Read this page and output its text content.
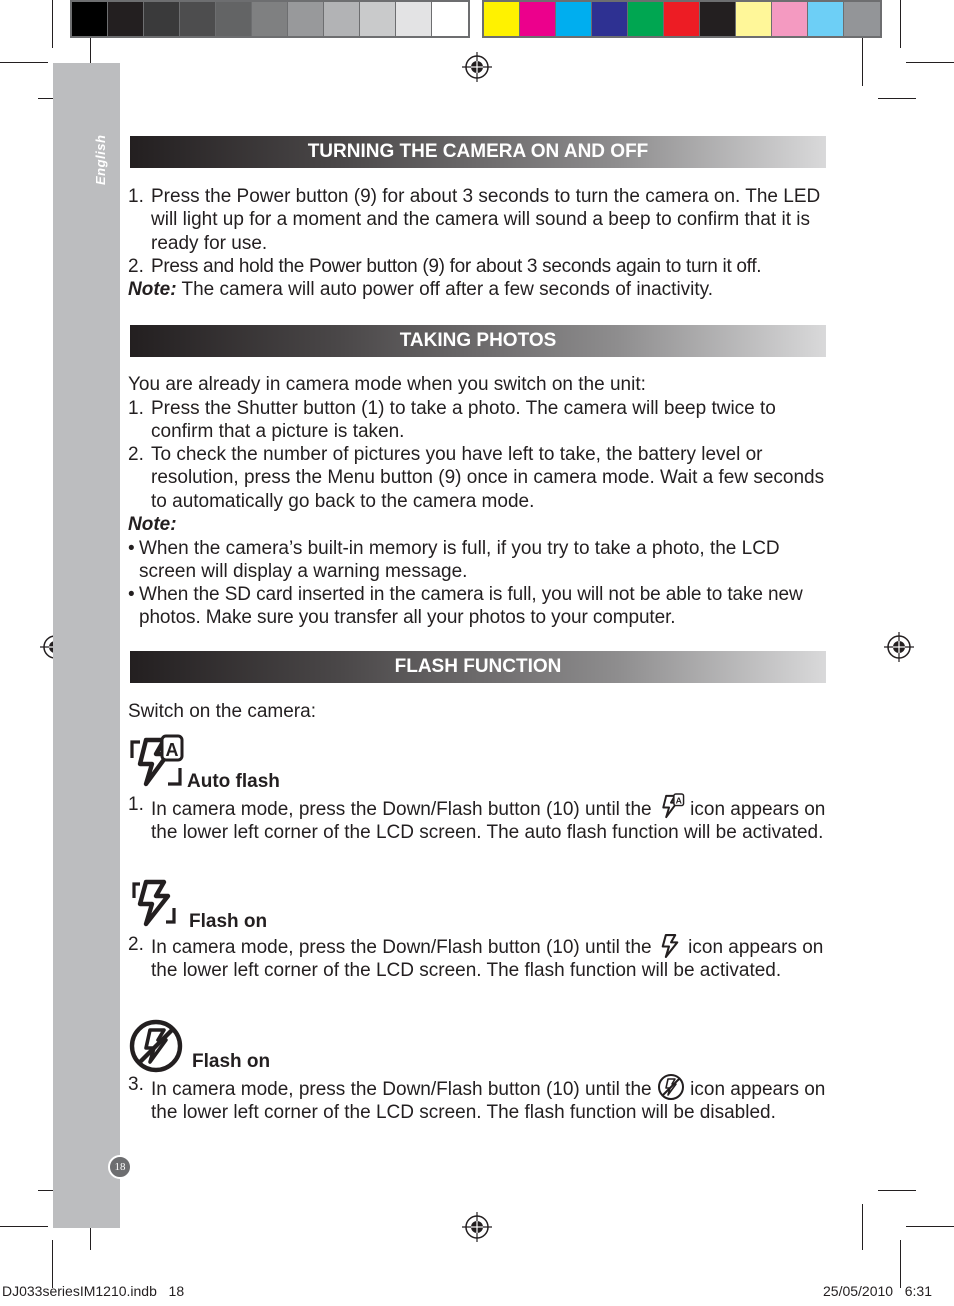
English
18
TURNING THE CAMERA ON AND OFF
1. Press the Power button (9) for about 3 seconds to turn the camera on. The LED will light up for a moment and the camera will sound a beep to confirm that it is ready for use.
2. Press and hold the Power button (9) for about 3 seconds again to turn it off.
Note: The camera will auto power off after a few seconds of inactivity.
TAKING PHOTOS
You are already in camera mode when you switch on the unit:
1. Press the Shutter button (1) to take a photo. The camera will beep twice to confirm that a picture is taken.
2. To check the number of pictures you have left to take, the battery level or resolution, press the Menu button (9) once in camera mode. Wait a few seconds to automatically go back to the camera mode.
Note:
• When the camera’s built-in memory is full, if you try to take a photo, the LCD screen will display a warning message.
• When the SD card inserted in the camera is full, you will not be able to take new photos. Make sure you transfer all your photos to your computer.
FLASH FUNCTION
Switch on the camera:
A
Auto flash
1. In camera mode, press the Down/Flash button (10) until the	A icon appears on the lower left corner of the LCD screen. The auto flash function will be activated.
Flash on
2. In camera mode, press the Down/Flash button (10) until the icon appears on the lower left corner of the LCD screen. The flash function will be activated.
Flash on
3. In camera mode, press the Down/Flash button (10) until the icon appears on the lower left corner of the LCD screen. The flash function will be disabled.
DJ033seriesIM1210.indb   18	25/05/2010   6:31
